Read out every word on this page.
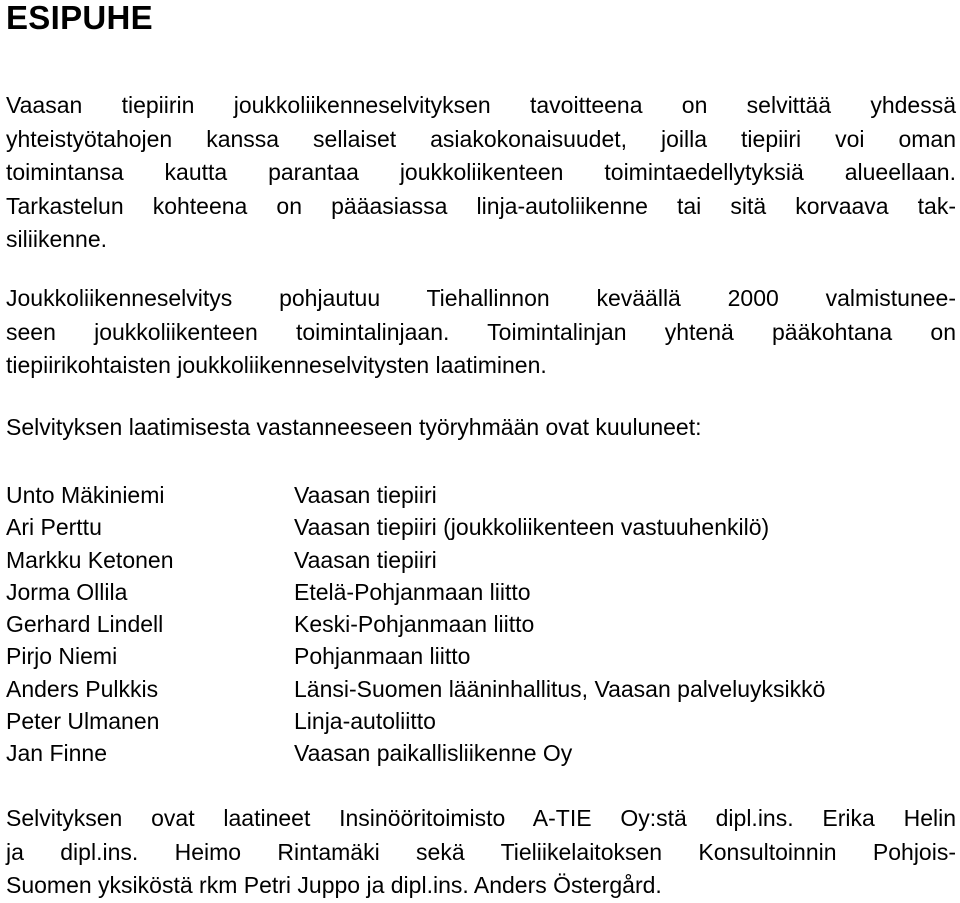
ESIPUHE
Vaasan tiepiirin joukkoliikenneselvityksen tavoitteena on selvittää yhdessä
yhteistyötahojen kanssa sellaiset asiakokonaisuudet, joilla tiepiiri voi oman
toimintansa kautta parantaa joukkoliikenteen toimintaedellytyksiä alueellaan.
Tarkastelun kohteena on pääasiassa linja-autoliikenne tai sitä korvaava tak-
siliikenne.
Joukkoliikenneselvitys pohjautuu Tiehallinnon keväällä 2000 valmistunee-
seen joukkoliikenteen toimintalinjaan. Toimintalinjan yhtenä pääkohtana on
tiepiirikohtaisten joukkoliikenneselvitysten laatiminen.
Selvityksen laatimisesta vastanneeseen työryhmään ovat kuuluneet:
Unto Mäkiniemi	Vaasan tiepiiri
Ari Perttu	Vaasan tiepiiri (joukkoliikenteen vastuuhenkilö)
Markku Ketonen	Vaasan tiepiiri
Jorma Ollila	Etelä-Pohjanmaan liitto
Gerhard Lindell	Keski-Pohjanmaan liitto
Pirjo Niemi	Pohjanmaan liitto
Anders Pulkkis	Länsi-Suomen lääninhallitus, Vaasan palveluyksikkö
Peter Ulmanen	Linja-autoliitto
Jan Finne	Vaasan paikallisliikenne Oy
Selvityksen ovat laatineet Insinööritoimisto A-TIE Oy:stä dipl.ins. Erika Helin
ja dipl.ins. Heimo Rintamäki sekä Tieliikelaitoksen Konsultoinnin Pohjois-
Suomen yksiköstä rkm Petri Juppo ja dipl.ins. Anders Östergård.
